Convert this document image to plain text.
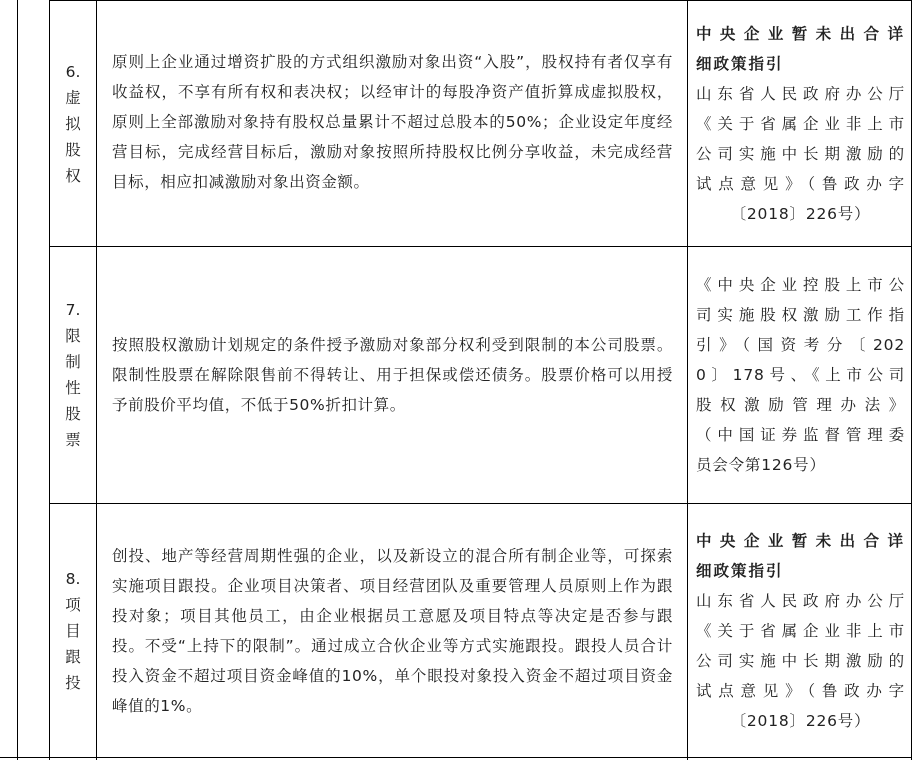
6.
虚
拟
股
权
原则上企业通过增资扩股的方式组织激励对象出资“入股”，股权持有者仅享有收益权，不享有所有权和表决权；以经审计的每股净资产值折算成虚拟股权，原则上全部激励对象持有股权总量累计不超过总股本的50%；企业设定年度经营目标，完成经营目标后，激励对象按照所持股权比例分享收益，未完成经营目标，相应扣减激励对象出资金额。
中央企业暂未出合详
细政策指引
山东省人民政府办公厅
《关于省属企业非上市
公司实施中长期激励的
试点意见》（鲁政办字
〔2018〕226号）
7.
限
制
性
股
票
按照股权激励计划规定的条件授予激励对象部分权利受到限制的本公司股票。限制性股票在解除限售前不得转让、用于担保或偿还债务。股票价格可以用授予前股价平均值，不低于50%折扣计算。
《中央企业控股上市公
司实施股权激励工作指
引》（国资考分〔202
0〕178号、《上市公司
股权激励管理办法》
（中国证券监督管理委
员会令第126号）
8.
项
目
跟
投
创投、地产等经营周期性强的企业，以及新设立的混合所有制企业等，可探索实施项目跟投。企业项目决策者、项目经营团队及重要管理人员原则上作为跟投对象；项目其他员工，由企业根据员工意愿及项目特点等决定是否参与跟投。不受“上持下的限制”。通过成立合伙企业等方式实施跟投。跟投人员合计投入资金不超过项目资金峰值的10%，单个眼投对象投入资金不超过项目资金峰值的1%。
中央企业暂未出合详
细政策指引
山东省人民政府办公厅
《关于省属企业非上市
公司实施中长期激励的
试点意见》（鲁政办字
〔2018〕226号）
